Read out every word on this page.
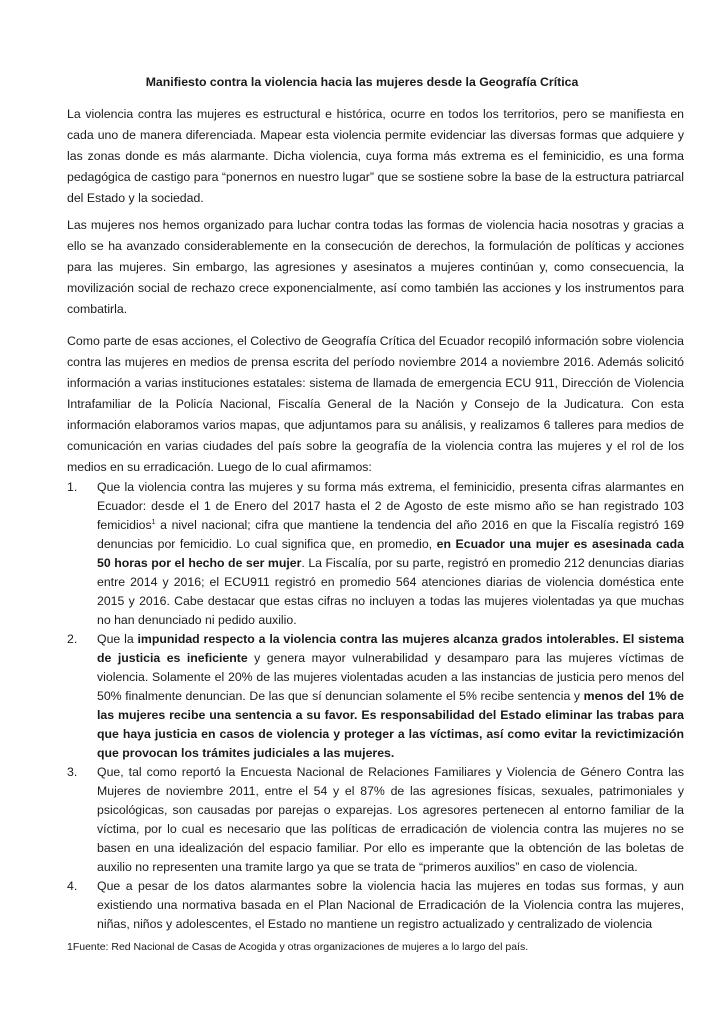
Manifiesto contra la violencia hacia las mujeres desde la Geografía Crítica

La violencia contra las mujeres es estructural e histórica, ocurre en todos los territorios, pero se manifiesta en cada uno de manera diferenciada. Mapear esta violencia permite evidenciar las diversas formas que adquiere y las zonas donde es más alarmante. Dicha violencia, cuya forma más extrema es el feminicidio, es una forma pedagógica de castigo para “ponernos en nuestro lugar” que se sostiene sobre la base de la estructura patriarcal del Estado y la sociedad.

Las mujeres nos hemos organizado para luchar contra todas las formas de violencia hacia nosotras y gracias a ello se ha avanzado considerablemente en la consecución de derechos, la formulación de políticas y acciones para las mujeres. Sin embargo, las agresiones y asesinatos a mujeres continúan y, como consecuencia, la movilización social de rechazo crece exponencialmente, así como también las acciones y los instrumentos para combatirla.

Como parte de esas acciones, el Colectivo de Geografía Crítica del Ecuador recopiló información sobre violencia contra las mujeres en medios de prensa escrita del período noviembre 2014 a noviembre 2016. Además solicitó información a varias instituciones estatales: sistema de llamada de emergencia ECU 911, Dirección de Violencia Intrafamiliar de la Policía Nacional, Fiscalía General de la Nación y Consejo de la Judicatura. Con esta información elaboramos varios mapas, que adjuntamos para su análisis, y realizamos 6 talleres para medios de comunicación en varias ciudades del país sobre la geografía de la violencia contra las mujeres y el rol de los medios en su erradicación. Luego de lo cual afirmamos:

1. Que la violencia contra las mujeres y su forma más extrema, el feminicidio, presenta cifras alarmantes en Ecuador: desde el 1 de Enero del 2017 hasta el 2 de Agosto de este mismo año se han registrado 103 femicidios$^1$ a nivel nacional; cifra que mantiene la tendencia del año 2016 en que la Fiscalía registró 169 denuncias por femicidio. Lo cual significa que, en promedio, en Ecuador una mujer es asesinada cada 50 horas por el hecho de ser mujer. La Fiscalía, por su parte, registró en promedio 212 denuncias diarias entre 2014 y 2016; el ECU911 registró en promedio 564 atenciones diarias de violencia doméstica ente 2015 y 2016. Cabe destacar que estas cifras no incluyen a todas las mujeres violentadas ya que muchas no han denunciado ni pedido auxilio.
2. Que la impunidad respecto a la violencia contra las mujeres alcanza grados intolerables. El sistema de justicia es ineficiente y genera mayor vulnerabilidad y desamparo para las mujeres víctimas de violencia. Solamente el 20% de las mujeres violentadas acuden a las instancias de justicia pero menos del 50% finalmente denuncian. De las que sí denuncian solamente el 5% recibe sentencia y menos del 1% de las mujeres recibe una sentencia a su favor. Es responsabilidad del Estado eliminar las trabas para que haya justicia en casos de violencia y proteger a las víctimas, así como evitar la revictimización que provocan los trámites judiciales a las mujeres.
3. Que, tal como reportó la Encuesta Nacional de Relaciones Familiares y Violencia de Género Contra las Mujeres de noviembre 2011, entre el 54 y el 87% de las agresiones físicas, sexuales, patrimoniales y psicológicas, son causadas por parejas o exparejas. Los agresores pertenecen al entorno familiar de la víctima, por lo cual es necesario que las políticas de erradicación de violencia contra las mujeres no se basen en una idealización del espacio familiar. Por ello es imperante que la obtención de las boletas de auxilio no representen una tramite largo ya que se trata de “primeros auxilios” en caso de violencia.
4. Que a pesar de los datos alarmantes sobre la violencia hacia las mujeres en todas sus formas, y aun existiendo una normativa basada en el Plan Nacional de Erradicación de la Violencia contra las mujeres, niñas, niños y adolescentes, el Estado no mantiene un registro actualizado y centralizado de violencia
1Fuente: Red Nacional de Casas de Acogida y otras organizaciones de mujeres a lo largo del país.
